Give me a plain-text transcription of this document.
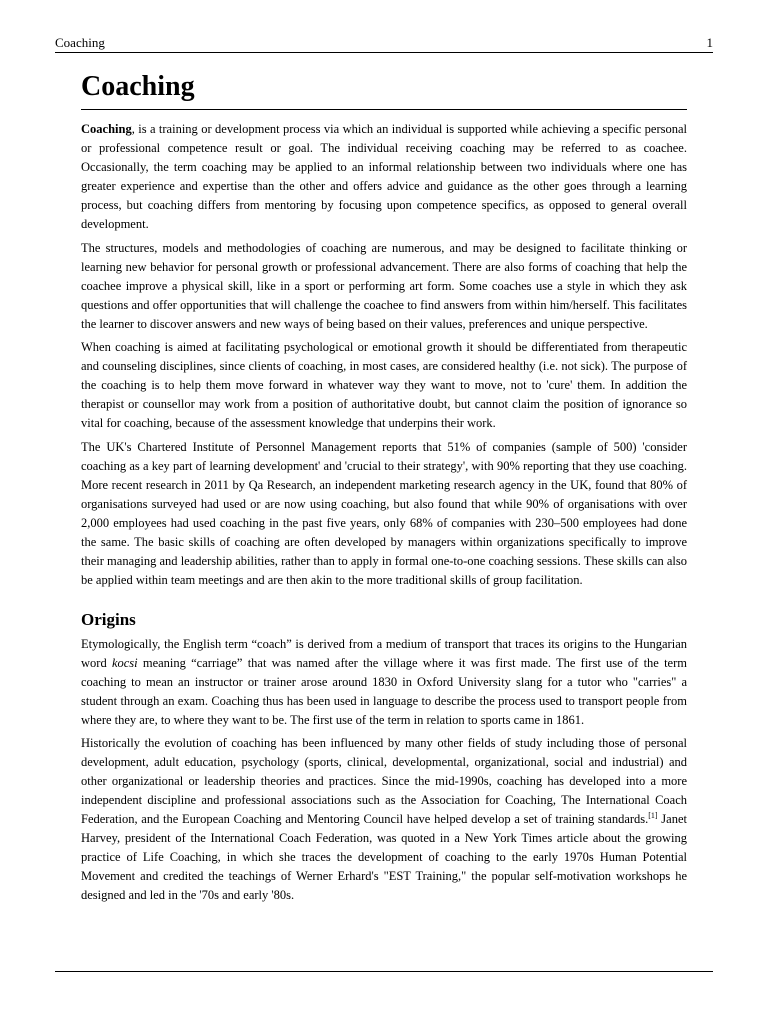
Coaching	1
Coaching

Coaching, is a training or development process via which an individual is supported while achieving a specific personal or professional competence result or goal. The individual receiving coaching may be referred to as coachee. Occasionally, the term coaching may be applied to an informal relationship between two individuals where one has greater experience and expertise than the other and offers advice and guidance as the other goes through a learning process, but coaching differs from mentoring by focusing upon competence specifics, as opposed to general overall development.

The structures, models and methodologies of coaching are numerous, and may be designed to facilitate thinking or learning new behavior for personal growth or professional advancement. There are also forms of coaching that help the coachee improve a physical skill, like in a sport or performing art form. Some coaches use a style in which they ask questions and offer opportunities that will challenge the coachee to find answers from within him/herself. This facilitates the learner to discover answers and new ways of being based on their values, preferences and unique perspective.

When coaching is aimed at facilitating psychological or emotional growth it should be differentiated from therapeutic and counseling disciplines, since clients of coaching, in most cases, are considered healthy (i.e. not sick). The purpose of the coaching is to help them move forward in whatever way they want to move, not to 'cure' them. In addition the therapist or counsellor may work from a position of authoritative doubt, but cannot claim the position of ignorance so vital for coaching, because of the assessment knowledge that underpins their work.

The UK's Chartered Institute of Personnel Management reports that 51% of companies (sample of 500) 'consider coaching as a key part of learning development' and 'crucial to their strategy', with 90% reporting that they use coaching. More recent research in 2011 by Qa Research, an independent marketing research agency in the UK, found that 80% of organisations surveyed had used or are now using coaching, but also found that while 90% of organisations with over 2,000 employees had used coaching in the past five years, only 68% of companies with 230–500 employees had done the same. The basic skills of coaching are often developed by managers within organizations specifically to improve their managing and leadership abilities, rather than to apply in formal one-to-one coaching sessions. These skills can also be applied within team meetings and are then akin to the more traditional skills of group facilitation.

Origins

Etymologically, the English term “coach” is derived from a medium of transport that traces its origins to the Hungarian word kocsi meaning “carriage” that was named after the village where it was first made. The first use of the term coaching to mean an instructor or trainer arose around 1830 in Oxford University slang for a tutor who "carries" a student through an exam. Coaching thus has been used in language to describe the process used to transport people from where they are, to where they want to be. The first use of the term in relation to sports came in 1861.

Historically the evolution of coaching has been influenced by many other fields of study including those of personal development, adult education, psychology (sports, clinical, developmental, organizational, social and industrial) and other organizational or leadership theories and practices. Since the mid-1990s, coaching has developed into a more independent discipline and professional associations such as the Association for Coaching, The International Coach Federation, and the European Coaching and Mentoring Council have helped develop a set of training standards.[1] Janet Harvey, president of the International Coach Federation, was quoted in a New York Times article about the growing practice of Life Coaching, in which she traces the development of coaching to the early 1970s Human Potential Movement and credited the teachings of Werner Erhard's "EST Training," the popular self-motivation workshops he designed and led in the '70s and early '80s.
